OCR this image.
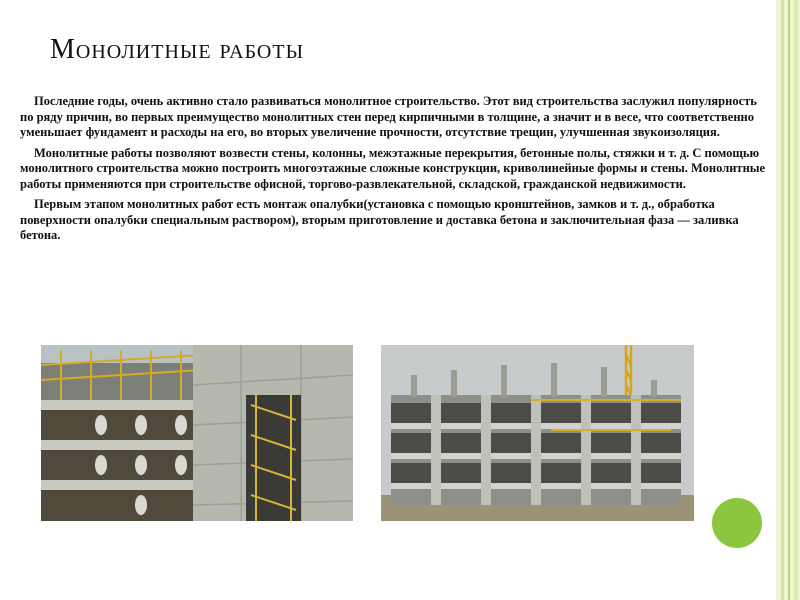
Монолитные работы

Последние годы, очень активно стало развиваться монолитное строительство. Этот вид строительства заслужил популярность по ряду причин, во первых преимущество монолитных стен перед кирпичными в толщине, а значит и в весе, что соответственно уменьшает фундамент и расходы на его, во вторых увеличение прочности, отсутствие трещин, улучшенная звукоизоляция.

Монолитные работы позволяют возвести стены, колонны, межэтажные перекрытия, бетонные полы, стяжки и т. д. С помощью монолитного строительства можно построить многоэтажные сложные конструкции, криволинейные формы и стены. Монолитные работы применяются при строительстве офисной, торгово-развлекательной, складской, гражданской недвижимости.

Первым этапом монолитных работ есть монтаж опалубки(установка с помощью кронштейнов, замков и т. д., обработка поверхности опалубки специальным раствором), вторым приготовление и доставка бетона и заключительная фаза — заливка бетона.
